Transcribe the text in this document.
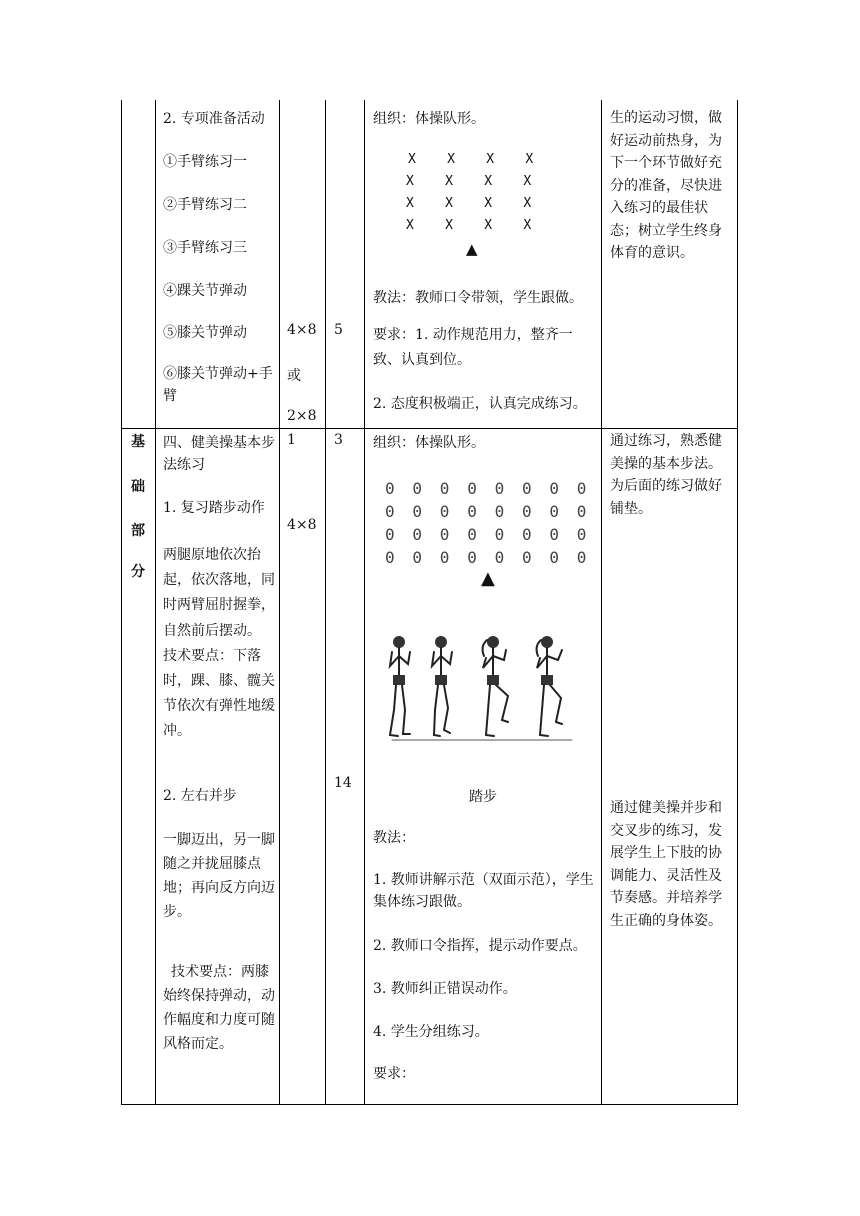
2. 专项准备活动
①手臂练习一
②手臂练习二
③手臂练习三
④踝关节弹动
⑤膝关节弹动
⑥膝关节弹动+手臂
4×8
或
2×8
5
组织：体操队形。
X    X    X    X
X    X    X    X
X    X    X    X
X    X    X    X
▲
教法：教师口令带领，学生跟做。
要求：1. 动作规范用力，整齐一致、认真到位。
2. 态度积极端正，认真完成练习。
生的运动习惯，做好运动前热身，为下一个环节做好充分的准备，尽快进入练习的最佳状态；树立学生终身体育的意识。
基
础
部
分
四、健美操基本步法练习
1. 复习踏步动作
两腿原地依次抬起，依次落地，同时两臂屈肘握拳，自然前后摆动。 技术要点：下落时，踝、膝、髋关节依次有弹性地缓冲。
2. 左右并步
一脚迈出，另一脚随之并拢屈膝点地；再向反方向迈步。
技术要点：两膝始终保持弹动，动作幅度和力度可随风格而定。
1
4×8
3
14
组织：体操队形。
0  0  0  0  0  0  0  0
0  0  0  0  0  0  0  0
0  0  0  0  0  0  0  0
0  0  0  0  0  0  0  0
▲
踏步
教法：
1. 教师讲解示范（双面示范），学生集体练习跟做。
2. 教师口令指挥，提示动作要点。
3. 教师纠正错误动作。
4. 学生分组练习。
要求：
通过练习，熟悉健美操的基本步法。为后面的练习做好铺垫。
通过健美操并步和交叉步的练习，发展学生上下肢的协调能力、灵活性及节奏感。并培养学生正确的身体姿。
